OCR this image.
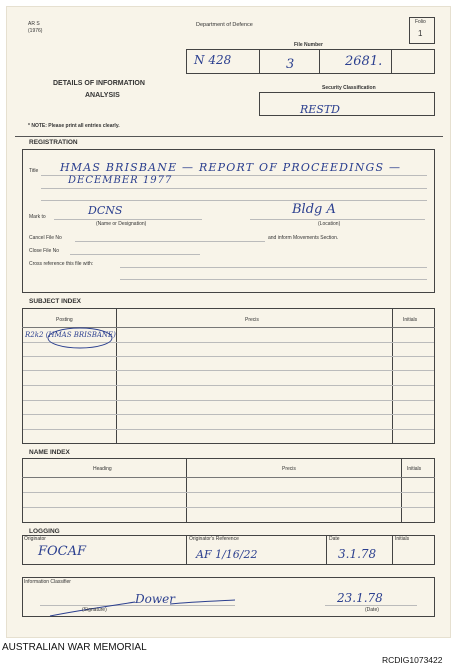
AR S
(1976)
Department of Defence	Folio
1
File Number
N 428	3	2681.
DETAILS OF INFORMATION
ANALYSIS
Security Classification
RESTD
* NOTE: Please print all entries clearly.
REGISTRATION
Title HMAS BRISBANE — REPORT OF PROCEEDINGS —
DECEMBER 1977
Mark to	DCNS
(Name or Designation)
Bldg A
(Location)
Cancel File No	and inform Movements Section.
Close File No
Cross reference this file with:
SUBJECT INDEX
Posting	Precis	Initials
R2k2 (HMAS BRISBANE)
NAME INDEX
Heading	Precis	Initials
LOGGING
Originator	Originator's Reference	Date	Initials
FOCAF	AF 1/16/22	3.1.78
Information Classifier
Dower
(Signature)
23.1.78
(Date)
AUSTRALIAN WAR MEMORIAL
RCDIG1073422
